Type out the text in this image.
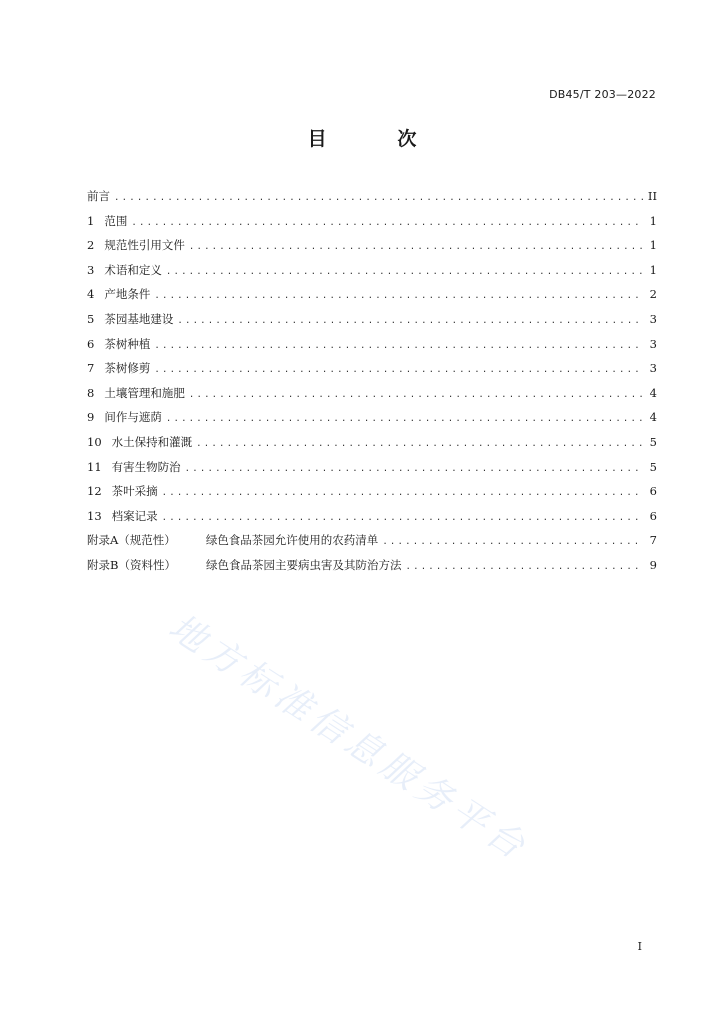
DB45/T 203—2022
目	次
前言 .....	II
1 范围 .....	1
2 规范性引用文件 .....	1
3 术语和定义 .....	1
4 产地条件 .....	2
5 茶园基地建设 .....	3
6 茶树种植 .....	3
7 茶树修剪 .....	3
8 土壤管理和施肥 .....	4
9 间作与遮荫 .....	4
10 水土保持和灌溉 .....	5
11 有害生物防治 .....	5
12 茶叶采摘 .....	6
13 档案记录 .....	6
附录A（规范性）	绿色食品茶园允许使用的农药清单 .....	7
附录B（资料性）	绿色食品茶园主要病虫害及其防治方法 .....	9
地方标准信息服务平台
I
